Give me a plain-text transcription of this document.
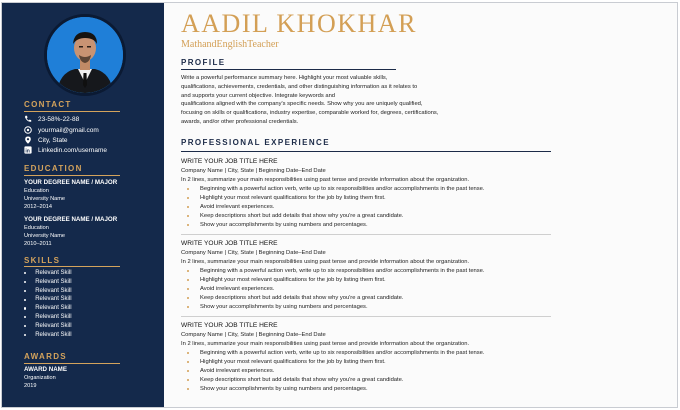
CONTACT
23-58%-22-88
yourmail@gmail.com
City, State
in Linkedin.com/username
EDUCATION
YOUR DEGREE NAME / MAJOR
Education
University Name
2012–2014
YOUR DEGREE NAME / MAJOR
Education
University Name
2010–2011
SKILLS
Relevant Skill
Relevant Skill
Relevant Skill
Relevant Skill
Relevant Skill
Relevant Skill
Relevant Skill
Relevant Skill
AWARDS
AWARD NAME
Organization
2019
AADIL KHOKHAR
MathandEnglishTeacher
PROFILE
Write a powerful performance summary here. Highlight your most valuable skills,
qualifications, achievements, credentials, and other distinguishing information as it relates to
and supports your current objective. Integrate keywords and
qualifications aligned with the company's specific needs. Show why you are uniquely qualified,
focusing on skills or qualifications, industry expertise, comparable worked for, degrees, certifications,
awards, and/or other professional credentials.
PROFESSIONAL EXPERIENCE
WRITE YOUR JOB TITLE HERE
Company Name | City, State | Beginning Date–End Date
In 2 lines, summarize your main responsibilities using past tense and provide information about the organization.
Beginning with a powerful action verb, write up to six responsibilities and/or accomplishments in the past tense.
Highlight your most relevant qualifications for the job by listing them first.
Avoid irrelevant experiences.
Keep descriptions short but add details that show why you're a great candidate.
Show your accomplishments by using numbers and percentages.
WRITE YOUR JOB TITLE HERE
Company Name | City, State | Beginning Date–End Date
In 2 lines, summarize your main responsibilities using past tense and provide information about the organization.
Beginning with a powerful action verb, write up to six responsibilities and/or accomplishments in the past tense.
Highlight your most relevant qualifications for the job by listing them first.
Avoid irrelevant experiences.
Keep descriptions short but add details that show why you're a great candidate.
Show your accomplishments by using numbers and percentages.
WRITE YOUR JOB TITLE HERE
Company Name | City, State | Beginning Date–End Date
In 2 lines, summarize your main responsibilities using past tense and provide information about the organization.
Beginning with a powerful action verb, write up to six responsibilities and/or accomplishments in the past tense.
Highlight your most relevant qualifications for the job by listing them first.
Avoid irrelevant experiences.
Keep descriptions short but add details that show why you're a great candidate.
Show your accomplishments by using numbers and percentages.
